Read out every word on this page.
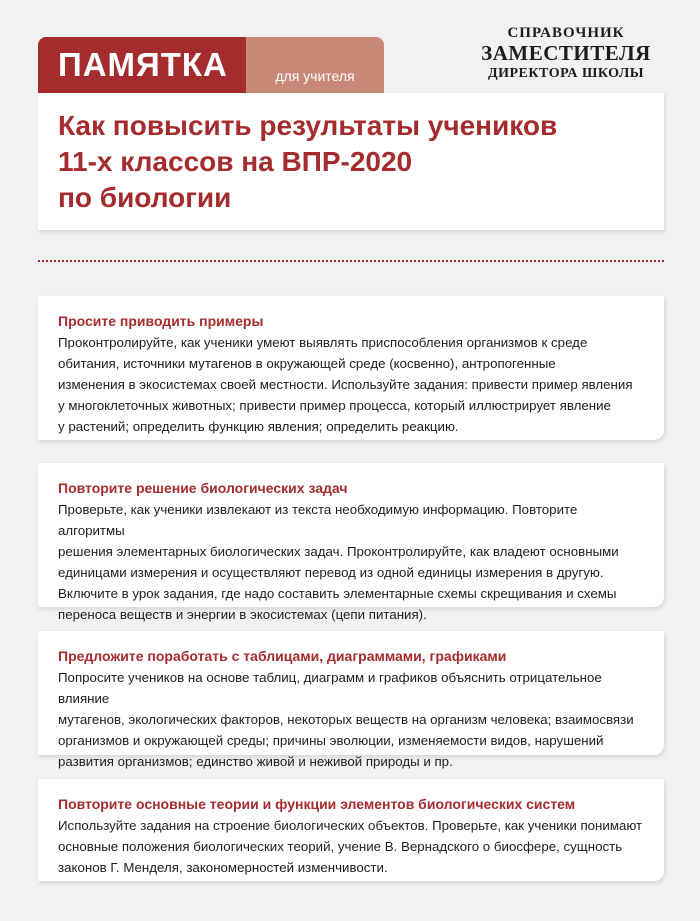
ПАМЯТКА	для учителя
СПРАВОЧНИК
ЗАМЕСТИТЕЛЯ
ДИРЕКТОРА ШКОЛЫ
Как повысить результаты учеников
11-х классов на ВПР-2020
по биологии
Просите приводить примеры

Проконтролируйте, как ученики умеют выявлять приспособления организмов к среде
обитания, источники мутагенов в окружающей среде (косвенно), антропогенные
изменения в экосистемах своей местности. Используйте задания: привести пример явления
у многоклеточных животных; привести пример процесса, который иллюстрирует явление
у растений; определить функцию явления; определить реакцию.

Повторите решение биологических задач

Проверьте, как ученики извлекают из текста необходимую информацию. Повторите алгоритмы
решения элементарных биологических задач. Проконтролируйте, как владеют основными
единицами измерения и осуществляют перевод из одной единицы измерения в другую.
Включите в урок задания, где надо составить элементарные схемы скрещивания и схемы
переноса веществ и энергии в экосистемах (цепи питания).

Предложите поработать с таблицами, диаграммами, графиками

Попросите учеников на основе таблиц, диаграмм и графиков объяснить отрицательное влияние
мутагенов, экологических факторов, некоторых веществ на организм человека; взаимосвязи
организмов и окружающей среды; причины эволюции, изменяемости видов, нарушений
развития организмов; единство живой и неживой природы и пр.

Повторите основные теории и функции элементов биологических систем

Используйте задания на строение биологических объектов. Проверьте, как ученики понимают
основные положения биологических теорий, учение В. Вернадского о биосфере, сущность
законов Г. Менделя, закономерностей изменчивости.
